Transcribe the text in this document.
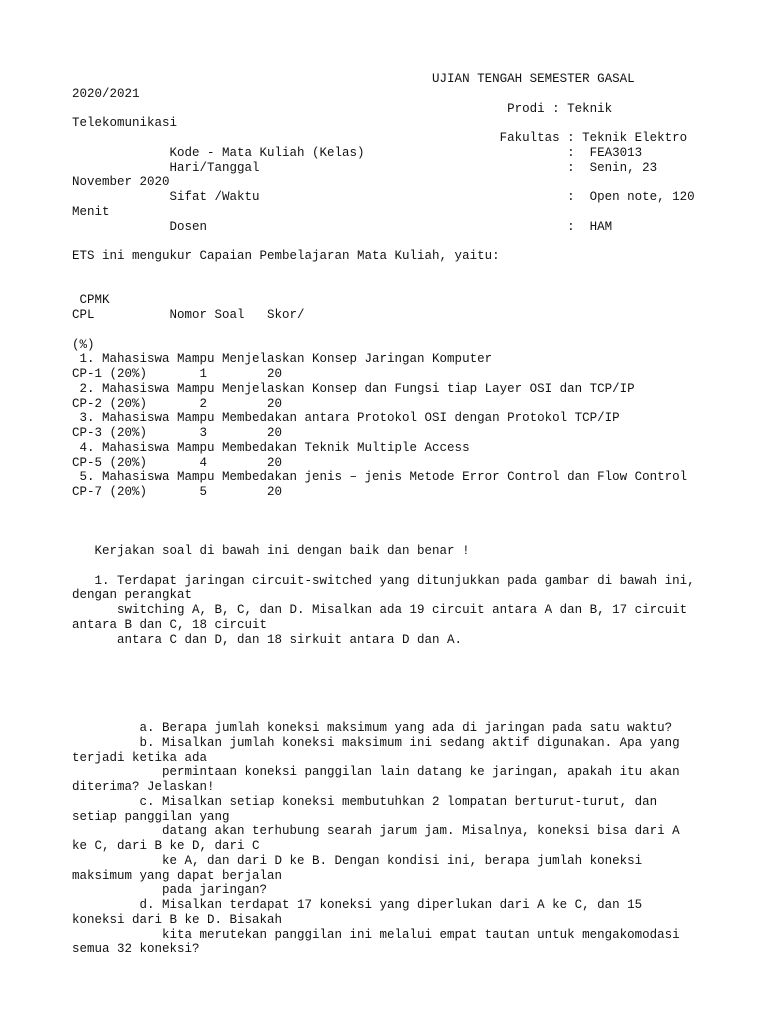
UJIAN TENGAH SEMESTER GASAL

2020/2021

Prodi : Teknik

Telekomunikasi

Fakultas : Teknik Elektro

Kode - Mata Kuliah (Kelas)                           :  FEA3013

Hari/Tanggal                                         :  Senin, 23

November 2020

Sifat /Waktu                                         :  Open note, 120

Menit

Dosen                                                :  HAM

ETS ini mengukur Capaian Pembelajaran Mata Kuliah, yaitu:

CPMK

CPL          Nomor Soal   Skor/

(%)

1. Mahasiswa Mampu Menjelaskan Konsep Jaringan Komputer

CP-1 (20%)       1        20

2. Mahasiswa Mampu Menjelaskan Konsep dan Fungsi tiap Layer OSI dan TCP/IP

CP-2 (20%)       2        20

3. Mahasiswa Mampu Membedakan antara Protokol OSI dengan Protokol TCP/IP

CP-3 (20%)       3        20

4. Mahasiswa Mampu Membedakan Teknik Multiple Access

CP-5 (20%)       4        20

5. Mahasiswa Mampu Membedakan jenis – jenis Metode Error Control dan Flow Control

CP-7 (20%)       5        20

Kerjakan soal di bawah ini dengan baik dan benar !

1. Terdapat jaringan circuit-switched yang ditunjukkan pada gambar di bawah ini,

dengan perangkat

switching A, B, C, dan D. Misalkan ada 19 circuit antara A dan B, 17 circuit

antara B dan C, 18 circuit

antara C dan D, dan 18 sirkuit antara D dan A.

a. Berapa jumlah koneksi maksimum yang ada di jaringan pada satu waktu?

b. Misalkan jumlah koneksi maksimum ini sedang aktif digunakan. Apa yang

terjadi ketika ada

permintaan koneksi panggilan lain datang ke jaringan, apakah itu akan

diterima? Jelaskan!

c. Misalkan setiap koneksi membutuhkan 2 lompatan berturut-turut, dan

setiap panggilan yang

datang akan terhubung searah jarum jam. Misalnya, koneksi bisa dari A

ke C, dari B ke D, dari C

ke A, dan dari D ke B. Dengan kondisi ini, berapa jumlah koneksi

maksimum yang dapat berjalan

pada jaringan?

d. Misalkan terdapat 17 koneksi yang diperlukan dari A ke C, dan 15

koneksi dari B ke D. Bisakah

kita merutekan panggilan ini melalui empat tautan untuk mengakomodasi

semua 32 koneksi?
